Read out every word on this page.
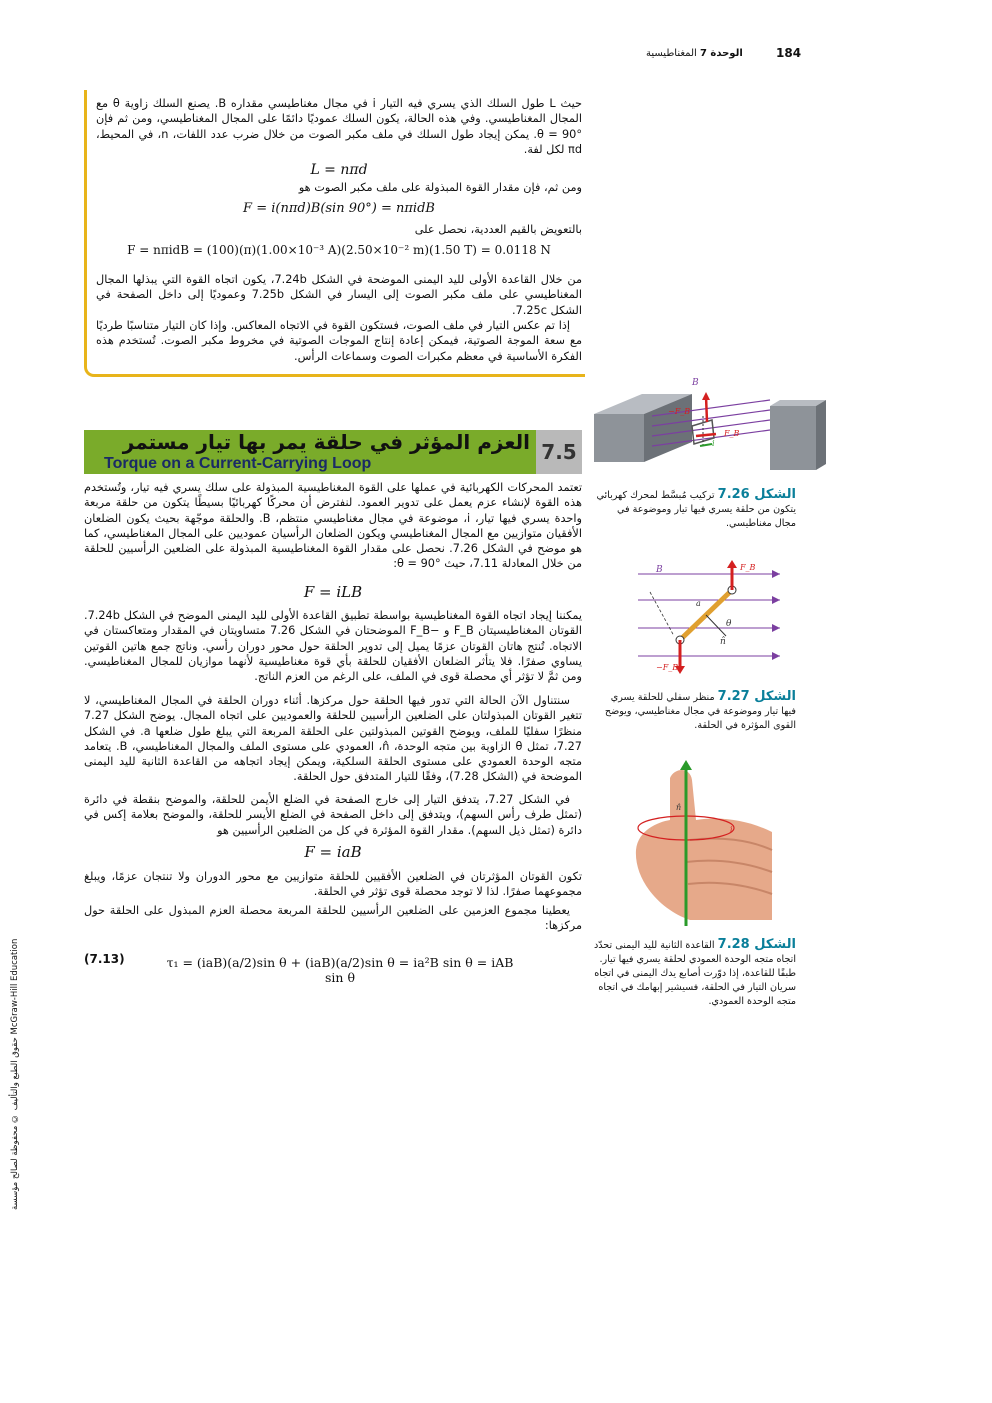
184
الوحدة 7 المغناطيسية
حقوق الطبع والتأليف © محفوظة لصالح مؤسسة McGraw-Hill Education
حيث L طول السلك الذي يسري فيه التيار i في مجال مغناطيسي مقداره B. يصنع السلك زاوية θ مع المجال المغناطيسي. وفي هذه الحالة، يكون السلك عموديًا دائمًا على المجال المغناطيسي، ومن ثم فإن θ = 90°. يمكن إيجاد طول السلك في ملف مكبر الصوت من خلال ضرب عدد اللفات، n، في المحيط، πd لكل لفة.
L = nπd
ومن ثم، فإن مقدار القوة المبذولة على ملف مكبر الصوت هو
F = i(nπd)B(sin 90°) = nπidB
بالتعويض بالقيم العددية، نحصل على
F = nπidB = (100)(π)(1.00×10⁻³ A)(2.50×10⁻² m)(1.50 T) = 0.0118 N
من خلال القاعدة الأولى لليد اليمنى الموضحة في الشكل 7.24b، يكون اتجاه القوة التي يبذلها المجال المغناطيسي على ملف مكبر الصوت إلى اليسار في الشكل 7.25b وعموديًا إلى داخل الصفحة في الشكل 7.25c.
إذا تم عكس التيار في ملف الصوت، فستكون القوة في الاتجاه المعاكس. وإذا كان التيار متناسبًا طرديًا مع سعة الموجة الصوتية، فيمكن إعادة إنتاج الموجات الصوتية في مخروط مكبر الصوت. تُستخدم هذه الفكرة الأساسية في معظم مكبرات الصوت وسماعات الرأس.
7.5
العزم المؤثر في حلقة يمر بها تيار مستمر
Torque on a Current-Carrying Loop
تعتمد المحركات الكهربائية في عملها على القوة المغناطيسية المبذولة على سلك يسري فيه تيار، وتُستخدم هذه القوة لإنشاء عزم يعمل على تدوير العمود. لنفترض أن محركًا كهربائيًا بسيطًا يتكون من حلقة مربعة واحدة يسري فيها تيار، i، موضوعة في مجال مغناطيسي منتظم، B. والحلقة موجّهة بحيث يكون الضلعان الأفقيان متوازيين مع المجال المغناطيسي ويكون الضلعان الرأسيان عموديين على المجال المغناطيسي، كما هو موضح في الشكل 7.26. نحصل على مقدار القوة المغناطيسية المبذولة على الضلعين الرأسيين للحلقة من خلال المعادلة 7.11، حيث θ = 90°:
F = iLB
يمكننا إيجاد اتجاه القوة المغناطيسية بواسطة تطبيق القاعدة الأولى لليد اليمنى الموضح في الشكل 7.24b. القوتان المغناطيسيتان F_B و −F_B الموضحتان في الشكل 7.26 متساويتان في المقدار ومتعاكستان في الاتجاه. تُنتج هاتان القوتان عزمًا يميل إلى تدوير الحلقة حول محور دوران رأسي. وناتج جمع هاتين القوتين يساوي صفرًا. فلا يتأثر الضلعان الأفقيان للحلقة بأي قوة مغناطيسية لأنهما موازيان للمجال المغناطيسي. ومن ثمَّ لا تؤثر أي محصلة قوى في الملف، على الرغم من العزم الناتج.
سنتناول الآن الحالة التي تدور فيها الحلقة حول مركزها. أثناء دوران الحلقة في المجال المغناطيسي، لا تتغير القوتان المبذولتان على الضلعين الرأسيين للحلقة والعموديين على اتجاه المجال. يوضح الشكل 7.27 منظرًا سفليًا للملف، ويوضح القوتين المبذولتين على الحلقة المربعة التي يبلغ طول ضلعها a. في الشكل 7.27، تمثل θ الزاوية بين متجه الوحدة، n̂، العمودي على مستوى الملف والمجال المغناطيسي، B. يتعامد متجه الوحدة العمودي على مستوى الحلقة السلكية، ويمكن إيجاد اتجاهه من القاعدة الثانية لليد اليمنى الموضحة في (الشكل 7.28)، وفقًا للتيار المتدفق حول الحلقة.
في الشكل 7.27، يتدفق التيار إلى خارج الصفحة في الضلع الأيمن للحلقة، والموضح بنقطة في دائرة (تمثل طرف رأس السهم)، ويتدفق إلى داخل الصفحة في الضلع الأيسر للحلقة، والموضح بعلامة إكس في دائرة (تمثل ذيل السهم). مقدار القوة المؤثرة في كل من الضلعين الرأسيين هو
F = iaB
تكون القوتان المؤثرتان في الضلعين الأفقيين للحلقة متوازيين مع محور الدوران ولا تنتجان عزمًا، ويبلغ مجموعهما صفرًا. لذا لا توجد محصلة قوى تؤثر في الحلقة.
يعطينا مجموع العزمين على الضلعين الرأسيين للحلقة المربعة محصلة العزم المبذول على الحلقة حول مركزها:
τ₁ = (iaB)(a/2)sin θ + (iaB)(a/2)sin θ = ia²B sin θ = iAB sin θ
(7.13)
B
−F_B
F_B
i
الشكل 7.26 تركيب مُبسَّط لمحرك كهربائي يتكون من حلقة يسري فيها تيار وموضوعة في مجال مغناطيسي.
B	F_B
−F_B
a
θ
n̂
الشكل 7.27 منظر سفلي للحلقة يسري فيها تيار وموضوعة في مجال مغناطيسي، ويوضح القوى المؤثرة في الحلقة.
n̂
i
الشكل 7.28 القاعدة الثانية لليد اليمنى تحدّد اتجاه متجه الوحدة العمودي لحلقة يسري فيها تيار. طبقًا للقاعدة، إذا دوّرت أصابع يدك اليمنى في اتجاه سريان التيار في الحلقة، فسيشير إبهامك في اتجاه متجه الوحدة العمودي.
